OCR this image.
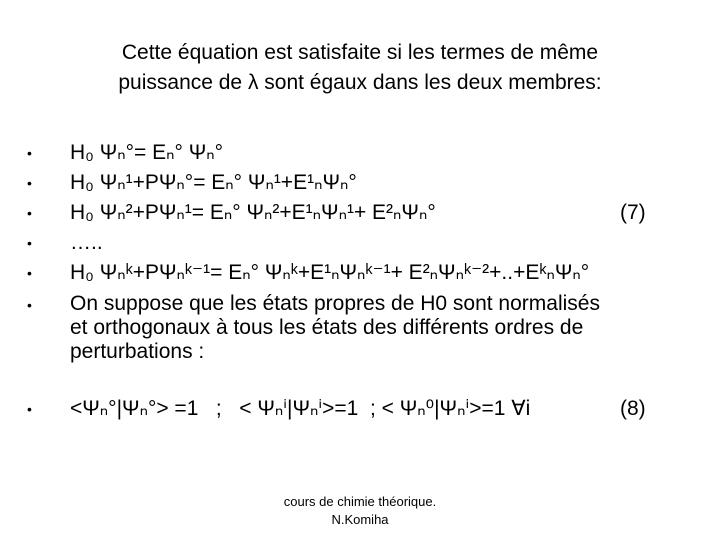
Cette équation est satisfaite si les termes de même
puissance de λ sont égaux dans les deux membres:
• H₀ Ψₙ°= Eₙ° Ψₙ°
• H₀ Ψₙ¹+PΨₙ°= Eₙ° Ψₙ¹+E¹ₙΨₙ°
• H₀ Ψₙ²+PΨₙ¹= Eₙ° Ψₙ²+E¹ₙΨₙ¹+ E²ₙΨₙ°	(7)
• …..
• H₀ Ψₙᵏ+PΨₙᵏ⁻¹= Eₙ° Ψₙᵏ+E¹ₙΨₙᵏ⁻¹+ E²ₙΨₙᵏ⁻²+..+EᵏₙΨₙ°
• On suppose que les états propres de H0 sont normalisés
et orthogonaux à tous les états des différents ordres de
perturbations :
• <Ψₙ°|Ψₙ°> =1   ;   < Ψₙⁱ|Ψₙⁱ>=1  ; < Ψₙ⁰|Ψₙⁱ>=1 ∀i	(8)
cours de chimie théorique.
N.Komiha
